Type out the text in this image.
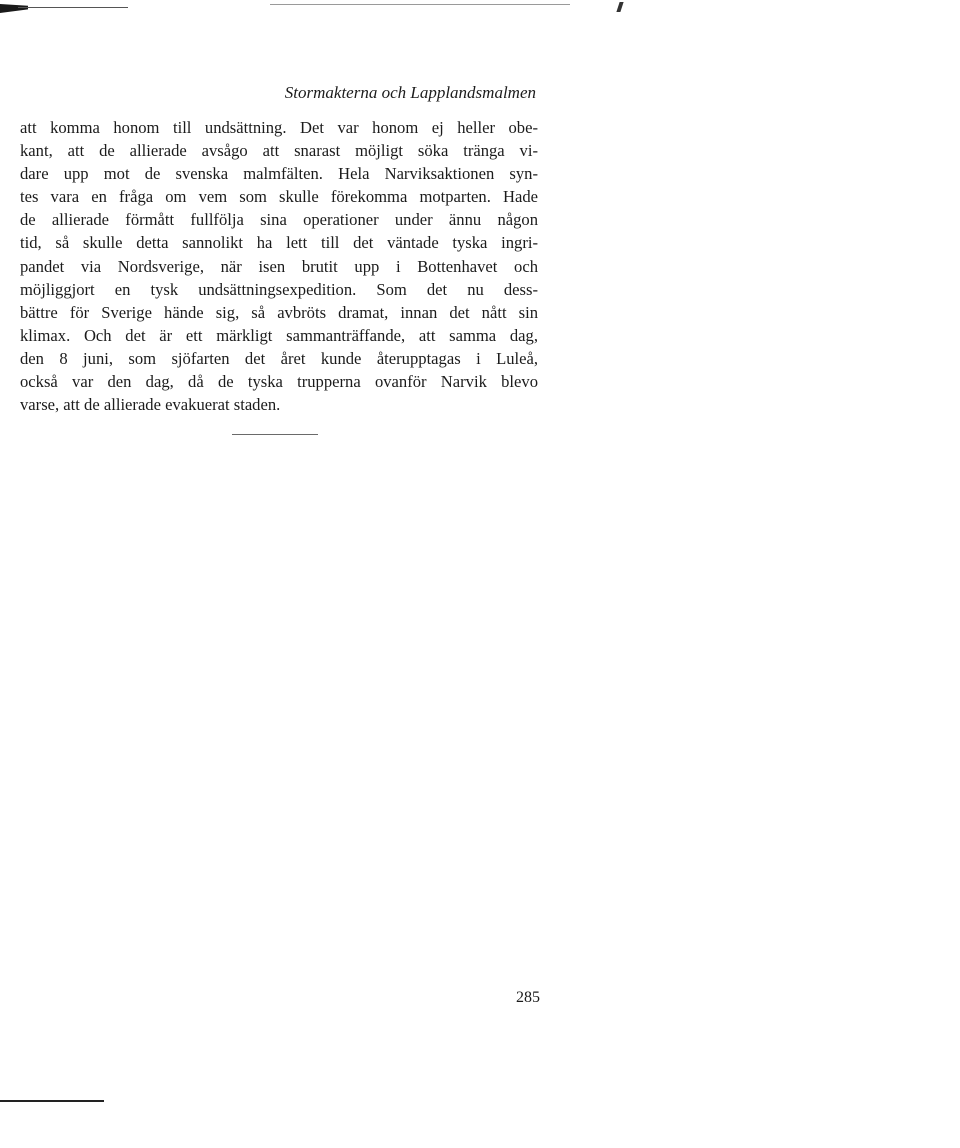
Stormakterna och Lapplandsmalmen
att komma honom till undsättning. Det var honom ej heller obe-
kant, att de allierade avsågo att snarast möjligt söka tränga vi-
dare upp mot de svenska malmfälten. Hela Narviksaktionen syn-
tes vara en fråga om vem som skulle förekomma motparten. Hade
de allierade förmått fullfölja sina operationer under ännu någon
tid, så skulle detta sannolikt ha lett till det väntade tyska ingri-
pandet via Nordsverige, när isen brutit upp i Bottenhavet och
möjliggjort en tysk undsättningsexpedition. Som det nu dess-
bättre för Sverige hände sig, så avbröts dramat, innan det nått sin
klimax. Och det är ett märkligt sammanträffande, att samma dag,
den 8 juni, som sjöfarten det året kunde återupptagas i Luleå,
också var den dag, då de tyska trupperna ovanför Narvik blevo
varse, att de allierade evakuerat staden.
285
